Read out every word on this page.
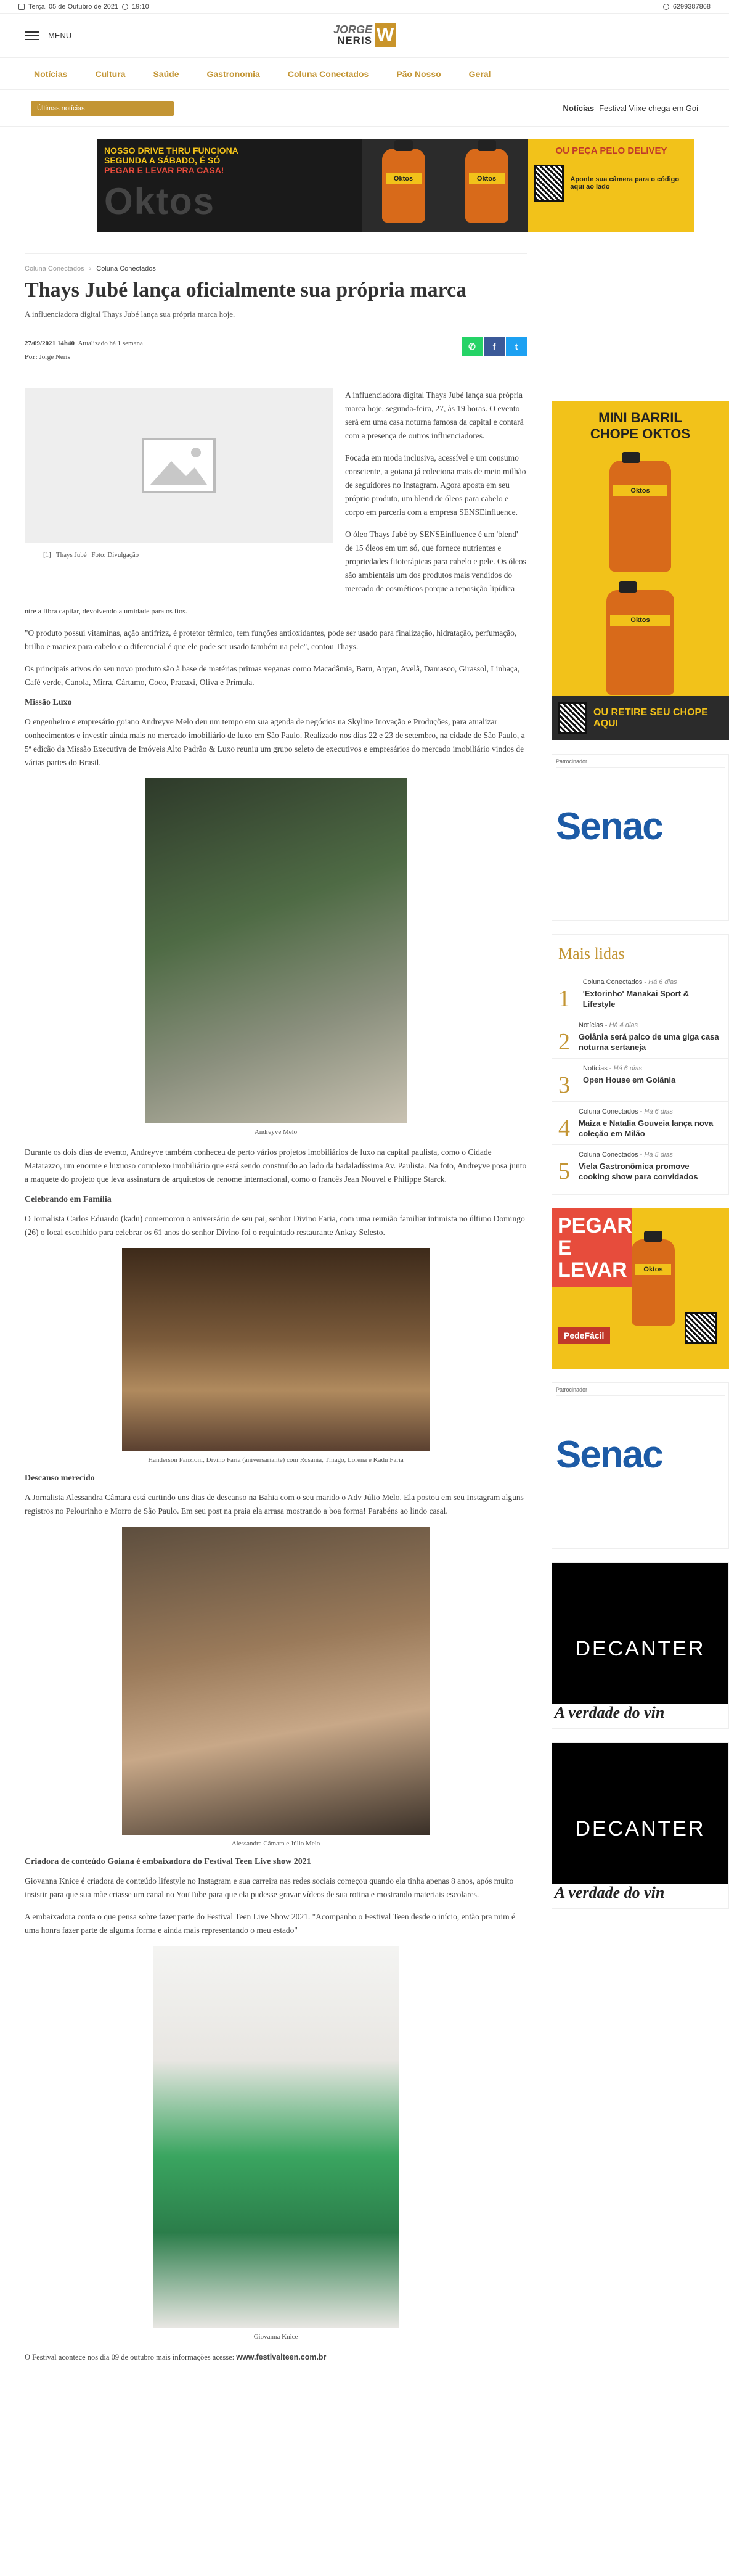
Terça, 05 de Outubro de 2021 19:10	6299387868
MENU	JORGE
NERIS W
Notícias	Cultura	Saúde	Gastronomia	Coluna Conectados	Pão Nosso	Geral
Últimas notícias	Notícias Festival Viixe chega em Goi
NOSSO DRIVE THRU FUNCIONA
SEGUNDA A SÁBADO, É SÓ
PEGAR E LEVAR PRA CASA!
Oktos
Oktos	Oktos
OU PEÇA PELO DELIVEY
Aponte sua câmera para o código aqui ao lado
Coluna Conectados › Coluna Conectados
Thays Jubé lança oficialmente sua própria marca
A influenciadora digital Thays Jubé lança sua própria marca hoje.
27/09/2021 14h40 Atualizado há 1 semana
Por: Jorge Neris
✆ f t
[1] Thays Jubé | Foto: Divulgação

A influenciadora digital Thays Jubé lança sua própria marca hoje, segunda-feira, 27, às 19 horas. O evento será em uma casa noturna famosa da capital e contará com a presença de outros influenciadores.

Focada em moda inclusiva, acessível e um consumo consciente, a goiana já coleciona mais de meio milhão de seguidores no Instagram. Agora aposta em seu próprio produto, um blend de óleos para cabelo e corpo em parceria com a empresa SENSEinfluence.

O óleo Thays Jubé by SENSEinfluence é um 'blend' de 15 óleos em um só, que fornece nutrientes e propriedades fitoterápicas para cabelo e pele. Os óleos são ambientais um dos produtos mais vendidos do mercado de cosméticos porque a reposição lipídica

ntre a fibra capilar, devolvendo a umidade para os fios.

"O produto possui vitaminas, ação antifrizz, é protetor térmico, tem funções antioxidantes, pode ser usado para finalização, hidratação, perfumação, brilho e maciez para cabelo e o diferencial é que ele pode ser usado também na pele", contou Thays.

Os principais ativos do seu novo produto são à base de matérias primas veganas como Macadâmia, Baru, Argan, Avelã, Damasco, Girassol, Linhaça, Café verde, Canola, Mirra, Cártamo, Coco, Pracaxi, Oliva e Prímula.

Missão Luxo

O engenheiro e empresário goiano Andreyve Melo deu um tempo em sua agenda de negócios na Skyline Inovação e Produções, para atualizar conhecimentos e investir ainda mais no mercado imobiliário de luxo em São Paulo. Realizado nos dias 22 e 23 de setembro, na cidade de São Paulo, a 5ª edição da Missão Executiva de Imóveis Alto Padrão & Luxo reuniu um grupo seleto de executivos e empresários do mercado imobiliário vindos de várias partes do Brasil.

Andreyve Melo

Durante os dois dias de evento, Andreyve também conheceu de perto vários projetos imobiliários de luxo na capital paulista, como o Cidade Matarazzo, um enorme e luxuoso complexo imobiliário que está sendo construído ao lado da badaladíssima Av. Paulista. Na foto, Andreyve posa junto a maquete do projeto que leva assinatura de arquitetos de renome internacional, como o francês Jean Nouvel e Philippe Starck.

Celebrando em Família

O Jornalista Carlos Eduardo (kadu) comemorou o aniversário de seu pai, senhor Divino Faria, com uma reunião familiar intimista no último Domingo (26) o local escolhido para celebrar os 61 anos do senhor Divino foi o requintado restaurante Ankay Selesto.

Handerson Panzioni, Divino Faria (aniversariante) com Rosania, Thiago, Lorena e Kadu Faria
Descanso merecido

A Jornalista Alessandra Câmara está curtindo uns dias de descanso na Bahia com o seu marido o Adv Júlio Melo. Ela postou em seu Instagram alguns registros no Pelourinho e Morro de São Paulo. Em seu post na praia ela arrasa mostrando a boa forma! Parabéns ao lindo casal.

Alessandra Câmara e Júlio Melo
Criadora de conteúdo Goiana é embaixadora do Festival Teen Live show 2021

Giovanna Knice é criadora de conteúdo lifestyle no Instagram e sua carreira nas redes sociais começou quando ela tinha apenas 8 anos, após muito insistir para que sua mãe criasse um canal no YouTube para que ela pudesse gravar vídeos de sua rotina e mostrando materiais escolares.

A embaixadora conta o que pensa sobre fazer parte do Festival Teen Live Show 2021. "Acompanho o Festival Teen desde o início, então pra mim é uma honra fazer parte de alguma forma e ainda mais representando o meu estado"

Giovanna Knice

O Festival acontece nos dia 09 de outubro mais informações acesse: www.festivalteen.com.br

MINI BARRIL CHOPE OKTOS
Oktos
Oktos
OU RETIRE SEU CHOPE AQUI
Patrocinador
Senac
Mais lidas
1
Coluna Conectados - Há 6 dias
'Extorinho' Manakai Sport & Lifestyle
2
Notícias - Há 4 dias
Goiânia será palco de uma giga casa noturna sertaneja
3
Notícias - Há 6 dias
Open House em Goiânia
4
Coluna Conectados - Há 6 dias
Maiza e Natalia Gouveia lança nova coleção em Milão
5
Coluna Conectados - Há 5 dias
Viela Gastronômica promove cooking show para convidados
PEGAR E LEVAR	Oktos
PedeFácil
Patrocinador
Senac
DECANTER
A verdade do vin
DECANTER
A verdade do vin
